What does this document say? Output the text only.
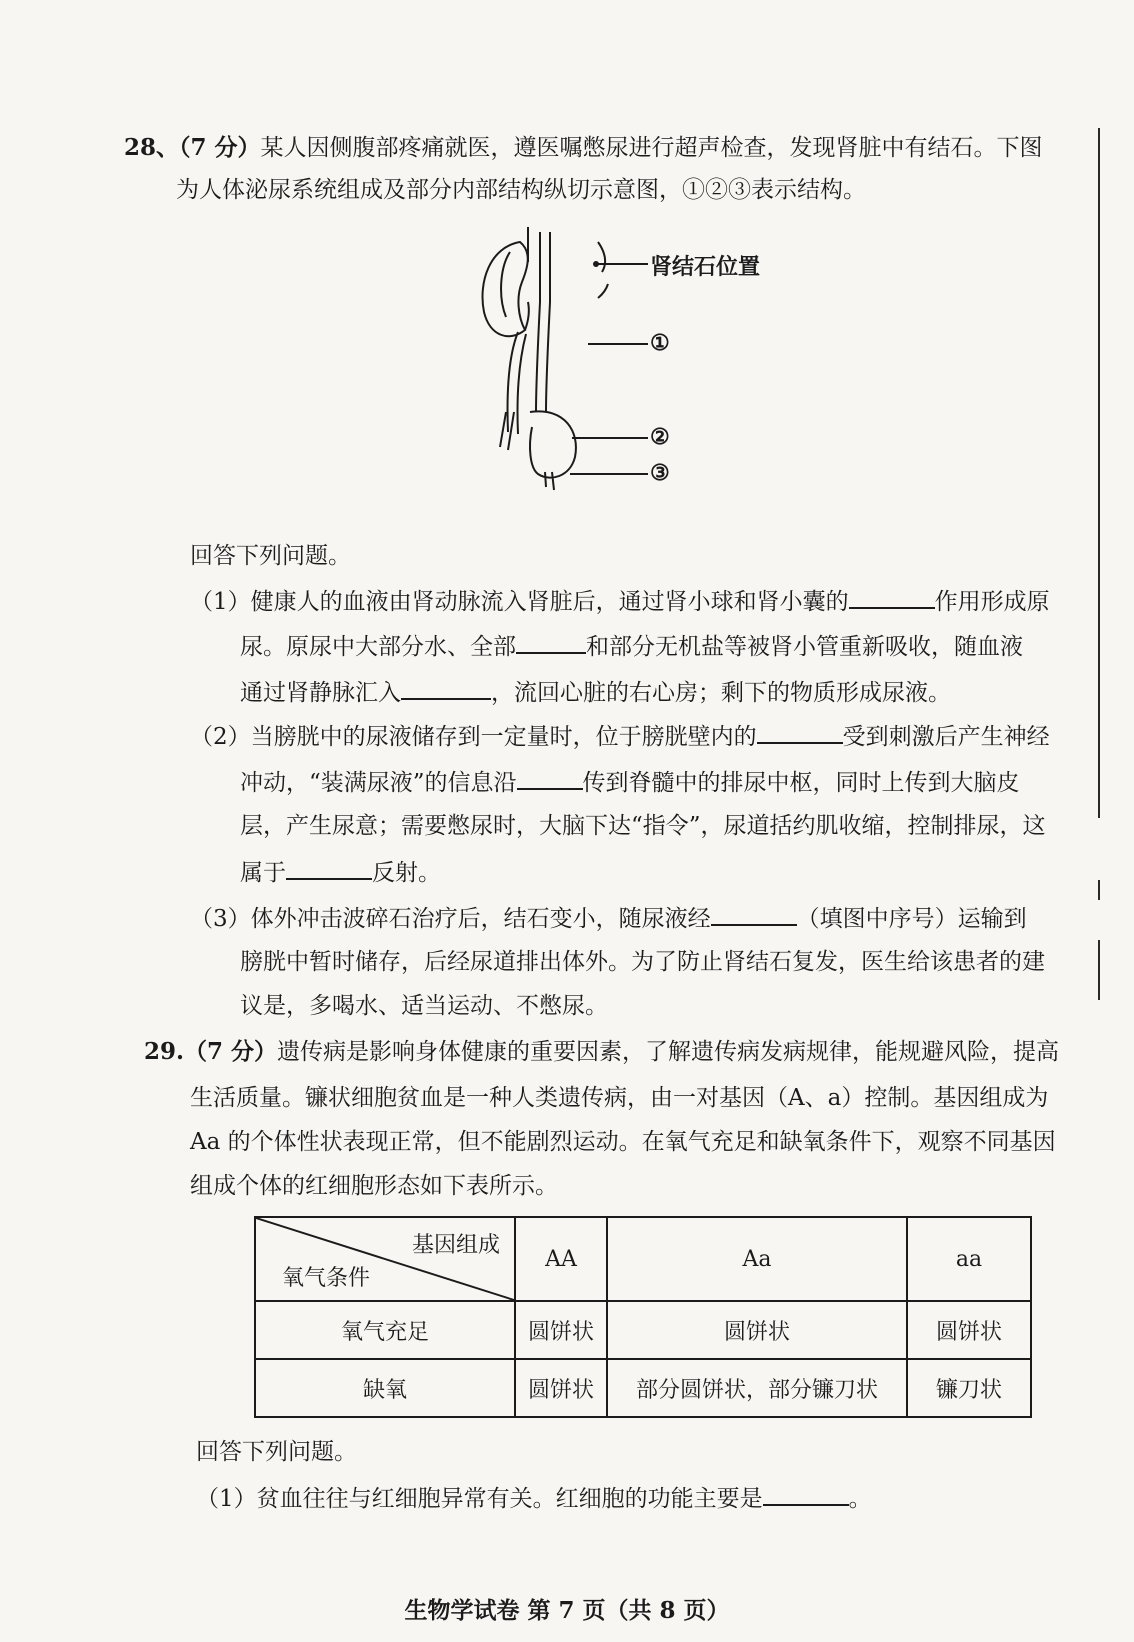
28、（7 分）某人因侧腹部疼痛就医，遵医嘱憋尿进行超声检查，发现肾脏中有结石。下图
为人体泌尿系统组成及部分内部结构纵切示意图，①②③表示结构。
肾结石位置
①
②
③
回答下列问题。
（1）健康人的血液由肾动脉流入肾脏后，通过肾小球和肾小囊的	作用形成原
尿。原尿中大部分水、全部	和部分无机盐等被肾小管重新吸收，随血液
通过肾静脉汇入	，流回心脏的右心房；剩下的物质形成尿液。
（2）当膀胱中的尿液储存到一定量时，位于膀胱壁内的	受到刺激后产生神经
冲动，“装满尿液”的信息沿	传到脊髓中的排尿中枢，同时上传到大脑皮
层，产生尿意；需要憋尿时，大脑下达“指令”，尿道括约肌收缩，控制排尿，这
属于	反射。
（3）体外冲击波碎石治疗后，结石变小，随尿液经	（填图中序号）运输到
膀胱中暂时储存，后经尿道排出体外。为了防止肾结石复发，医生给该患者的建
议是，多喝水、适当运动、不憋尿。
29.（7 分）遗传病是影响身体健康的重要因素，了解遗传病发病规律，能规避风险，提高
生活质量。镰状细胞贫血是一种人类遗传病，由一对基因（A、a）控制。基因组成为
Aa 的个体性状表现正常，但不能剧烈运动。在氧气充足和缺氧条件下，观察不同基因
组成个体的红细胞形态如下表所示。
基因组成
氧气条件	AA	Aa	aa
氧气充足	圆饼状	圆饼状	圆饼状
缺氧	圆饼状	部分圆饼状，部分镰刀状	镰刀状
回答下列问题。
（1）贫血往往与红细胞异常有关。红细胞的功能主要是	。
生物学试卷 第 7 页（共 8 页）
